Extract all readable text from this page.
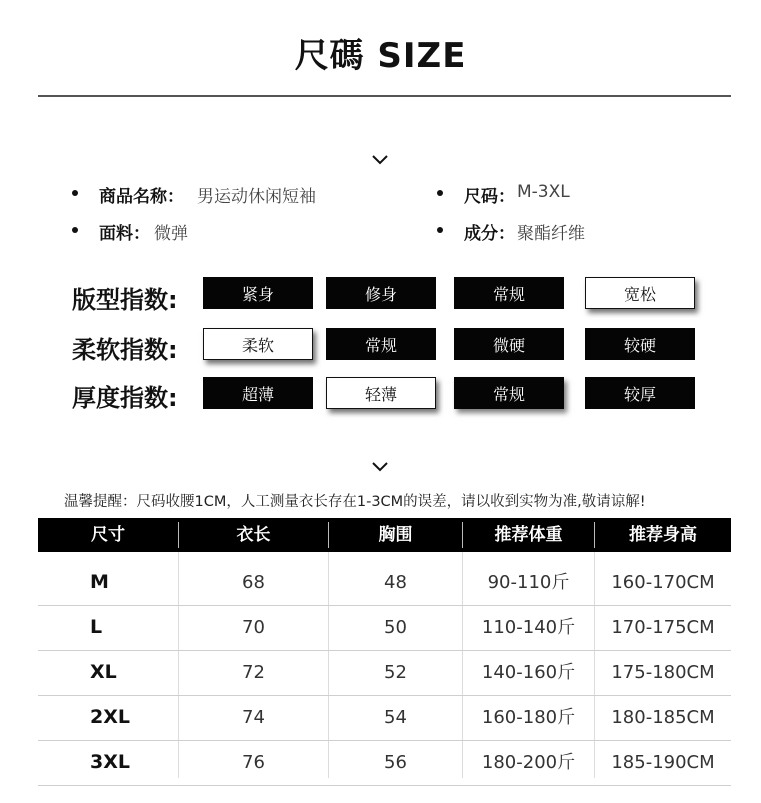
尺碼 SIZE
商品名称： 男运动休闲短袖	尺码： M-3XL
面料： 微弹	成分： 聚酯纤维
版型指数:	紧身	修身	常规	宽松
柔软指数:	柔软	常规	微硬	较硬
厚度指数:	超薄	轻薄	常规	较厚
温馨提醒：尺码收腰1CM，人工测量衣长存在1-3CM的误差，请以收到实物为准,敬请谅解!
尺寸	衣长	胸围	推荐体重	推荐身高
M	68	48	90-110斤	160-170CM
L	70	50	110-140斤	170-175CM
XL	72	52	140-160斤	175-180CM
2XL	74	54	160-180斤	180-185CM
3XL	76	56	180-200斤	185-190CM
